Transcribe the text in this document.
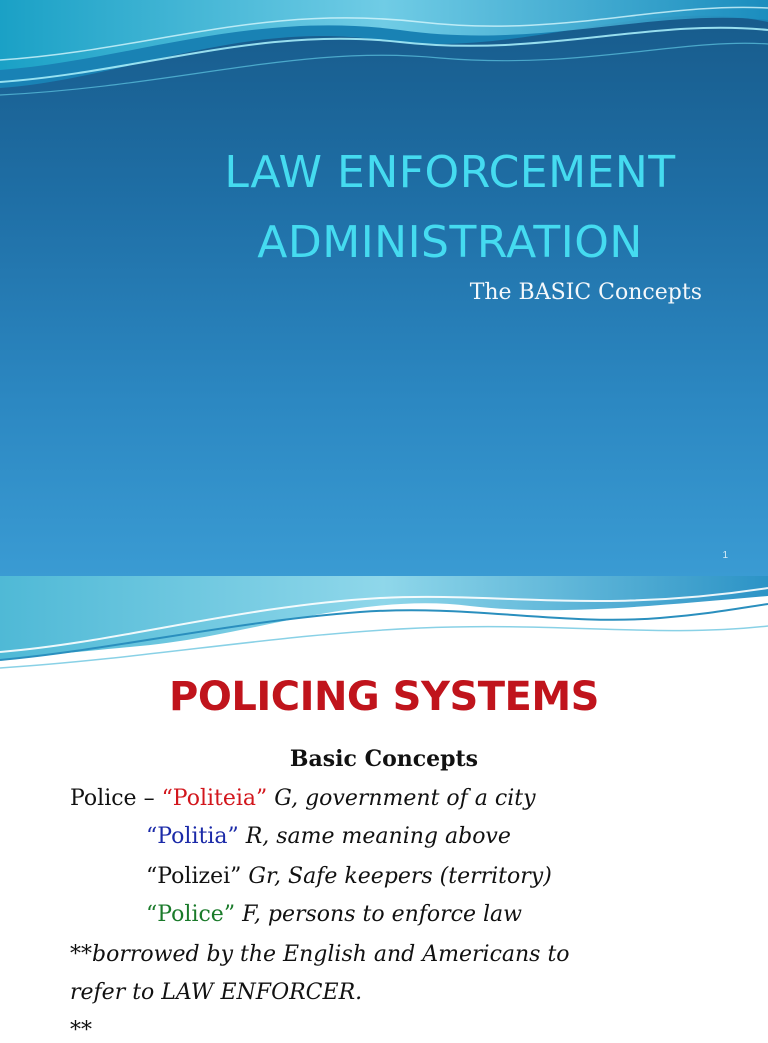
LAW ENFORCEMENT
ADMINISTRATION
The BASIC Concepts
1
POLICING SYSTEMS
Basic Concepts
Police – “Politeia” G, government of a city
“Politia” R, same meaning above
“Polizei” Gr, Safe keepers (territory)
“Police” F, persons to enforce law
**borrowed by the English and Americans to
refer to LAW ENFORCER.
**
